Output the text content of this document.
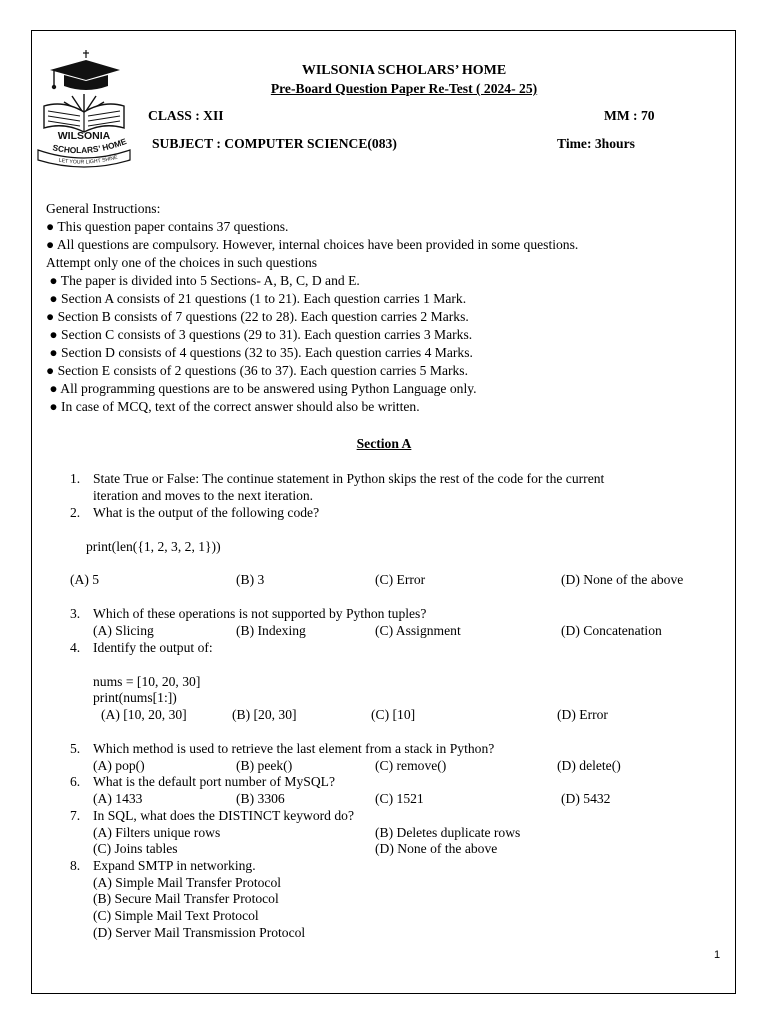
WILSONIA
SCHOLARS’ HOME
LET YOUR LIGHT SHINE
WILSONIA SCHOLARS’ HOME
Pre-Board Question Paper Re-Test ( 2024- 25)
CLASS : XII	MM : 70
SUBJECT : COMPUTER SCIENCE(083)	Time: 3hours
General Instructions:
● This question paper contains 37 questions.
● All questions are compulsory. However, internal choices have been provided in some questions.
Attempt only one of the choices in such questions
● The paper is divided into 5 Sections- A, B, C, D and E.
● Section A consists of 21 questions (1 to 21). Each question carries 1 Mark.
● Section B consists of 7 questions (22 to 28). Each question carries 2 Marks.
● Section C consists of 3 questions (29 to 31). Each question carries 3 Marks.
● Section D consists of 4 questions (32 to 35). Each question carries 4 Marks.
● Section E consists of 2 questions (36 to 37). Each question carries 5 Marks.
● All programming questions are to be answered using Python Language only.
● In case of MCQ, text of the correct answer should also be written.
Section A
1. State True or False: The continue statement in Python skips the rest of the code for the current
iteration and moves to the next iteration.
2. What is the output of the following code?
print(len({1, 2, 3, 2, 1}))
(A) 5	(B) 3	(C) Error	(D) None of the above
3. Which of these operations is not supported by Python tuples?
(A) Slicing	(B) Indexing	(C) Assignment	(D) Concatenation
4. Identify the output of:
nums = [10, 20, 30]
print(nums[1:])
(A) [10, 20, 30]	(B) [20, 30]	(C) [10]	(D) Error
5. Which method is used to retrieve the last element from a stack in Python?
(A) pop()	(B) peek()	(C) remove()	(D) delete()
6. What is the default port number of MySQL?
(A) 1433	(B) 3306	(C) 1521	(D) 5432
7. In SQL, what does the DISTINCT keyword do?
(A) Filters unique rows	(B) Deletes duplicate rows
(C) Joins tables	(D) None of the above
8. Expand SMTP in networking.
(A) Simple Mail Transfer Protocol
(B) Secure Mail Transfer Protocol
(C) Simple Mail Text Protocol
(D) Server Mail Transmission Protocol
1
